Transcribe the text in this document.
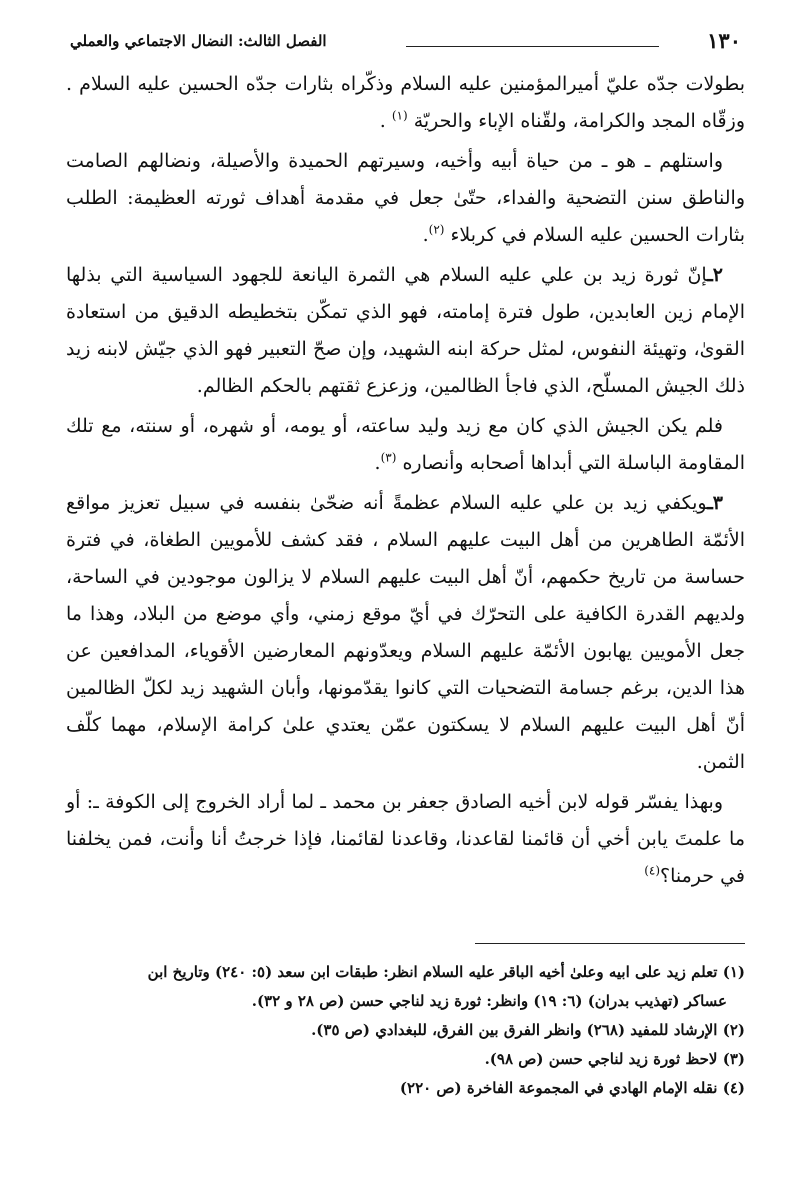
١٣٠
الفصل الثالث: النضال الاجتماعي والعملي

بطولات جدّه عليّ أميرالمؤمنين عليه السلام وذكّراه بثارات جدّه الحسين عليه السلام . وزقّاه المجد والكرامة، ولقّناه الإباء والحريّة $^{(١)}$ .

واستلهم ـ هو ـ من حياة أبيه وأخيه، وسيرتهم الحميدة والأصيلة، ونضالهم الصامت والناطق سنن التضحية والفداء، حتّىٰ جعل في مقدمة أهداف ثورته العظيمة: الطلب بثارات الحسين عليه السلام في كربلاء $^{(٢)}$.

٢ـإنّ ثورة زيد بن علي عليه السلام هي الثمرة اليانعة للجهود السياسية التي بذلها الإمام زين العابدين، طول فترة إمامته، فهو الذي تمكّن بتخطيطه الدقيق من استعادة القوىٰ، وتهيئة النفوس، لمثل حركة ابنه الشهيد، وإن صحّ التعبير فهو الذي جيّش لابنه زيد ذلك الجيش المسلّح، الذي فاجأ الظالمين، وزعزع ثقتهم بالحكم الظالم.

فلم يكن الجيش الذي كان مع زيد وليد ساعته، أو يومه، أو شهره، أو سنته، مع تلك المقاومة الباسلة التي أبداها أصحابه وأنصاره $^{(٣)}$.

٣ـويكفي زيد بن علي عليه السلام عظمةً أنه ضحّىٰ بنفسه في سبيل تعزيز مواقع الأئمّة الطاهرين من أهل البيت عليهم السلام ، فقد كشف للأمويين الطغاة، في فترة حساسة من تاريخ حكمهم، أنّ أهل البيت عليهم السلام لا يزالون موجودين في الساحة، ولديهم القدرة الكافية على التحرّك في أيّ موقع زمني، وأي موضع من البلاد، وهذا ما جعل الأمويين يهابون الأئمّة عليهم السلام ويعدّونهم المعارضين الأقوياء، المدافعين عن هذا الدين، برغم جسامة التضحيات التي كانوا يقدّمونها، وأبان الشهيد زيد لكلّ الظالمين أنّ أهل البيت عليهم السلام لا يسكتون عمّن يعتدي علىٰ كرامة الإسلام، مهما كلّف الثمن.

وبهذا يفسّر قوله لابن أخيه الصادق جعفر بن محمد ـ لما أراد الخروج إلى الكوفة ـ: أو ما علمتَ يابن أخي أن قائمنا لقاعدنا، وقاعدنا لقائمنا، فإذا خرجتُ أنا وأنت، فمن يخلفنا في حرمنا؟$^{(٤)}$

(١) تعلم زيد على ابيه وعلىٰ أخيه الباقر عليه السلام انظر: طبقات ابن سعد (٥: ٢٤٠) وتاريخ ابن

عساكر (تهذيب بدران) (٦: ١٩) وانظر: ثورة زيد لناجي حسن (ص ٢٨ و ٣٢).

(٢) الإرشاد للمفيد (٢٦٨) وانظر الفرق بين الفرق، للبغدادي (ص ٣٥).

(٣) لاحظ ثورة زيد لناجي حسن (ص ٩٨).

(٤) نقله الإمام الهادي في المجموعة الفاخرة (ص ٢٢٠)
